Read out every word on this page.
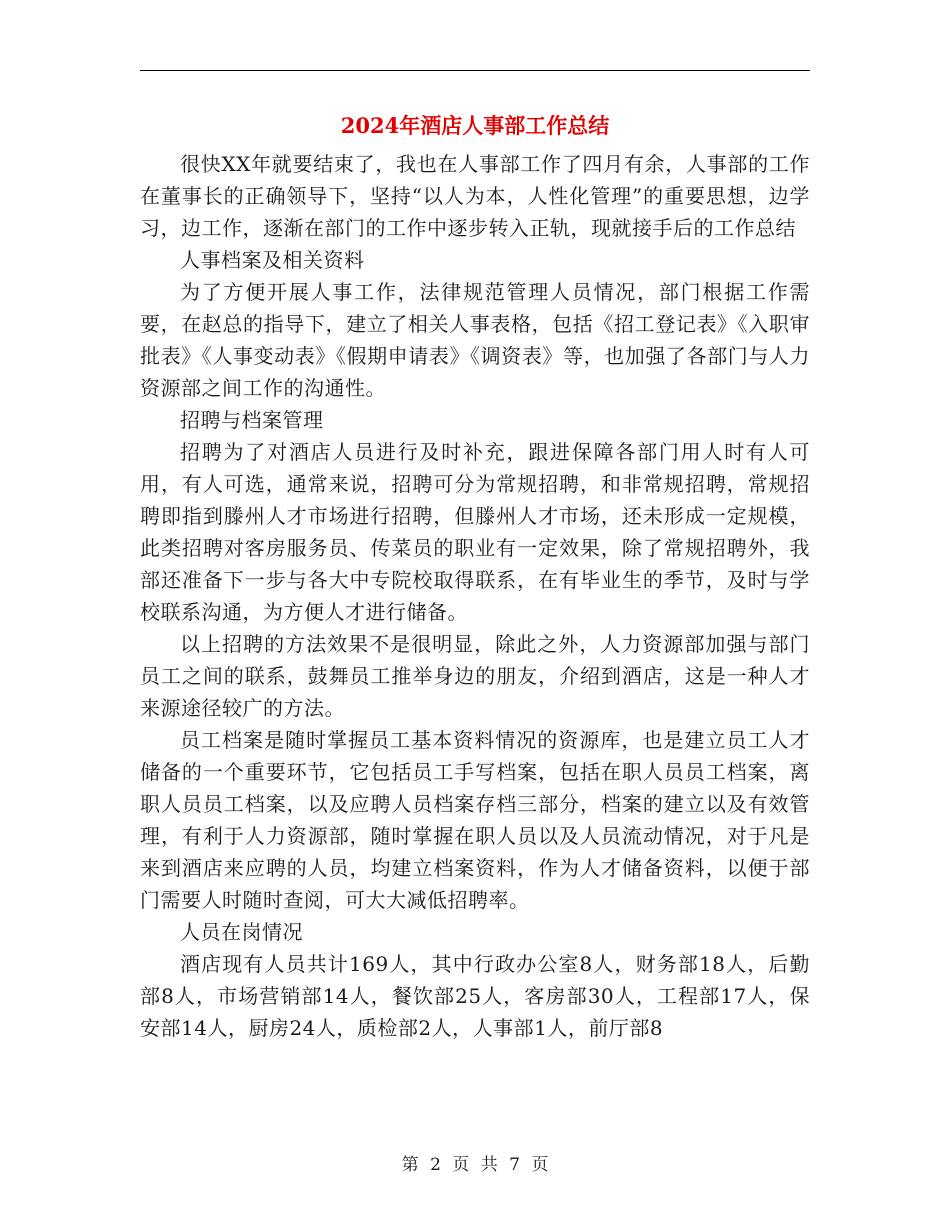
2024年酒店人事部工作总结

很快XX年就要结束了，我也在人事部工作了四月有余，人事部的工作在董事长的正确领导下，坚持“以人为本，人性化管理”的重要思想，边学习，边工作，逐渐在部门的工作中逐步转入正轨，现就接手后的工作总结

人事档案及相关资料

为了方便开展人事工作，法律规范管理人员情况，部门根据工作需要，在赵总的指导下，建立了相关人事表格，包括《招工登记表》《入职审批表》《人事变动表》《假期申请表》《调资表》等，也加强了各部门与人力资源部之间工作的沟通性。

招聘与档案管理

招聘为了对酒店人员进行及时补充，跟进保障各部门用人时有人可用，有人可选，通常来说，招聘可分为常规招聘，和非常规招聘，常规招聘即指到滕州人才市场进行招聘，但滕州人才市场，还未形成一定规模，此类招聘对客房服务员、传菜员的职业有一定效果，除了常规招聘外，我部还准备下一步与各大中专院校取得联系，在有毕业生的季节，及时与学校联系沟通，为方便人才进行储备。

以上招聘的方法效果不是很明显，除此之外，人力资源部加强与部门员工之间的联系，鼓舞员工推举身边的朋友，介绍到酒店，这是一种人才来源途径较广的方法。

员工档案是随时掌握员工基本资料情况的资源库，也是建立员工人才储备的一个重要环节，它包括员工手写档案，包括在职人员员工档案，离职人员员工档案，以及应聘人员档案存档三部分，档案的建立以及有效管理，有利于人力资源部，随时掌握在职人员以及人员流动情况，对于凡是来到酒店来应聘的人员，均建立档案资料，作为人才储备资料，以便于部门需要人时随时查阅，可大大减低招聘率。

人员在岗情况

酒店现有人员共计169人，其中行政办公室8人，财务部18人，后勤部8人，市场营销部14人，餐饮部25人，客房部30人，工程部17人，保安部14人，厨房24人，质检部2人，人事部1人，前厅部8

第 2 页 共 7 页
